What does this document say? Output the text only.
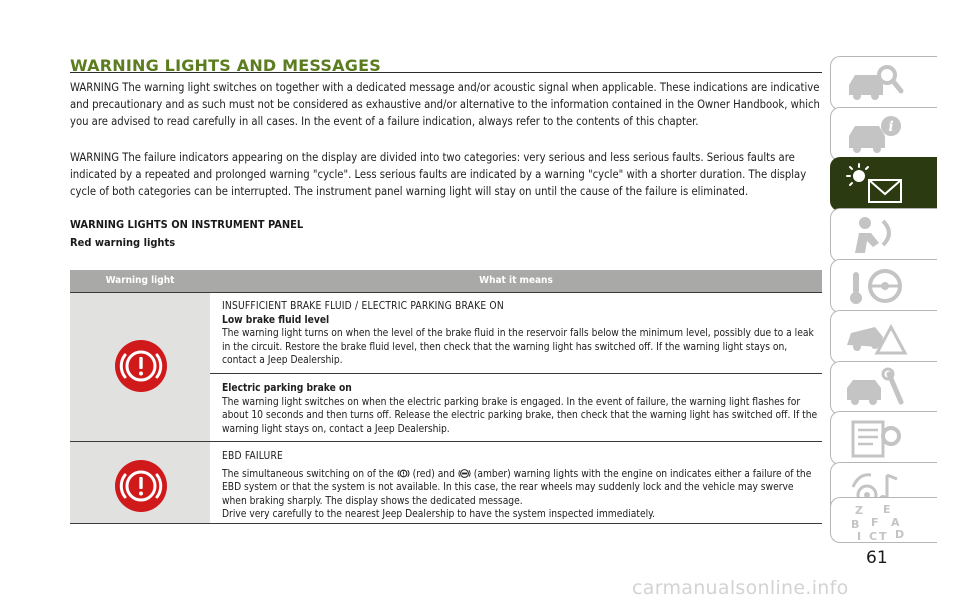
WARNING LIGHTS AND MESSAGES
WARNING The warning light switches on together with a dedicated message and/or acoustic signal when applicable. These indications are indicative and precautionary and as such must not be considered as exhaustive and/or alternative to the information contained in the Owner Handbook, which you are advised to read carefully in all cases. In the event of a failure indication, always refer to the contents of this chapter.
WARNING The failure indicators appearing on the display are divided into two categories: very serious and less serious faults. Serious faults are indicated by a repeated and prolonged warning "cycle". Less serious faults are indicated by a warning "cycle" with a shorter duration. The display cycle of both categories can be interrupted. The instrument panel warning light will stay on until the cause of the failure is eliminated.
WARNING LIGHTS ON INSTRUMENT PANEL
Red warning lights
Warning light	What it means
INSUFFICIENT BRAKE FLUID / ELECTRIC PARKING BRAKE ON
Low brake fluid level
The warning light turns on when the level of the brake fluid in the reservoir falls below the minimum level, possibly due to a leak in the circuit. Restore the brake fluid level, then check that the warning light has switched off. If the warning light stays on, contact a Jeep Dealership.
Electric parking brake on
The warning light switches on when the electric parking brake is engaged. In the event of failure, the warning light flashes for about 10 seconds and then turns off. Release the electric parking brake, then check that the warning light has switched off. If the warning light stays on, contact a Jeep Dealership.
EBD FAILURE
The simultaneous switching on of the (red) and (amber) warning lights with the engine on indicates either a failure of the EBD system or that the system is not available. In this case, the rear wheels may suddenly lock and the vehicle may swerve when braking sharply. The display shows the dedicated message.
Drive very carefully to the nearest Jeep Dealership to have the system inspected immediately.
i
Z E
B F A
I C T D
61
carmanualsonline.info
